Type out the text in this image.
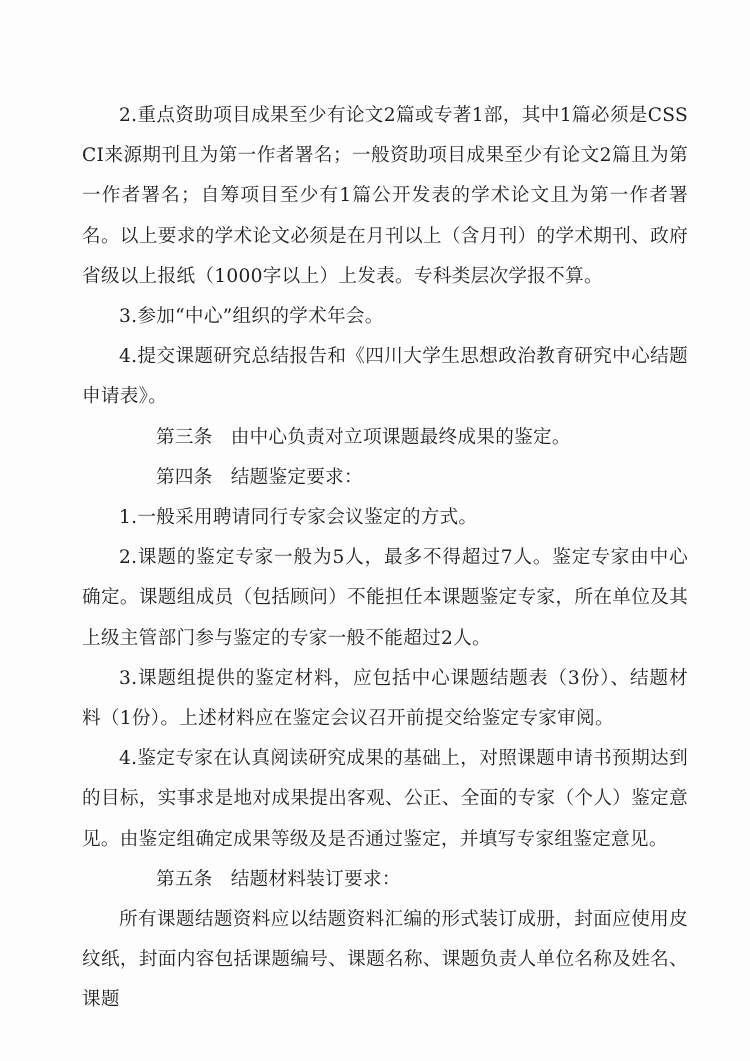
2.重点资助项目成果至少有论文2篇或专著1部，其中1篇必须是CSSCI来源期刊且为第一作者署名；一般资助项目成果至少有论文2篇且为第一作者署名；自筹项目至少有1篇公开发表的学术论文且为第一作者署名。以上要求的学术论文必须是在月刊以上（含月刊）的学术期刊、政府省级以上报纸（1000字以上）上发表。专科类层次学报不算。

3.参加“中心”组织的学术年会。

4.提交课题研究总结报告和《四川大学生思想政治教育研究中心结题申请表》。

第三条 由中心负责对立项课题最终成果的鉴定。

第四条 结题鉴定要求：

1.一般采用聘请同行专家会议鉴定的方式。

2.课题的鉴定专家一般为5人，最多不得超过7人。鉴定专家由中心确定。课题组成员（包括顾问）不能担任本课题鉴定专家，所在单位及其上级主管部门参与鉴定的专家一般不能超过2人。

3.课题组提供的鉴定材料，应包括中心课题结题表（3份）、结题材料（1份）。上述材料应在鉴定会议召开前提交给鉴定专家审阅。

4.鉴定专家在认真阅读研究成果的基础上，对照课题申请书预期达到的目标，实事求是地对成果提出客观、公正、全面的专家（个人）鉴定意见。由鉴定组确定成果等级及是否通过鉴定，并填写专家组鉴定意见。

第五条 结题材料装订要求：

所有课题结题资料应以结题资料汇编的形式装订成册，封面应使用皮纹纸，封面内容包括课题编号、课题名称、课题负责人单位名称及姓名、课题
